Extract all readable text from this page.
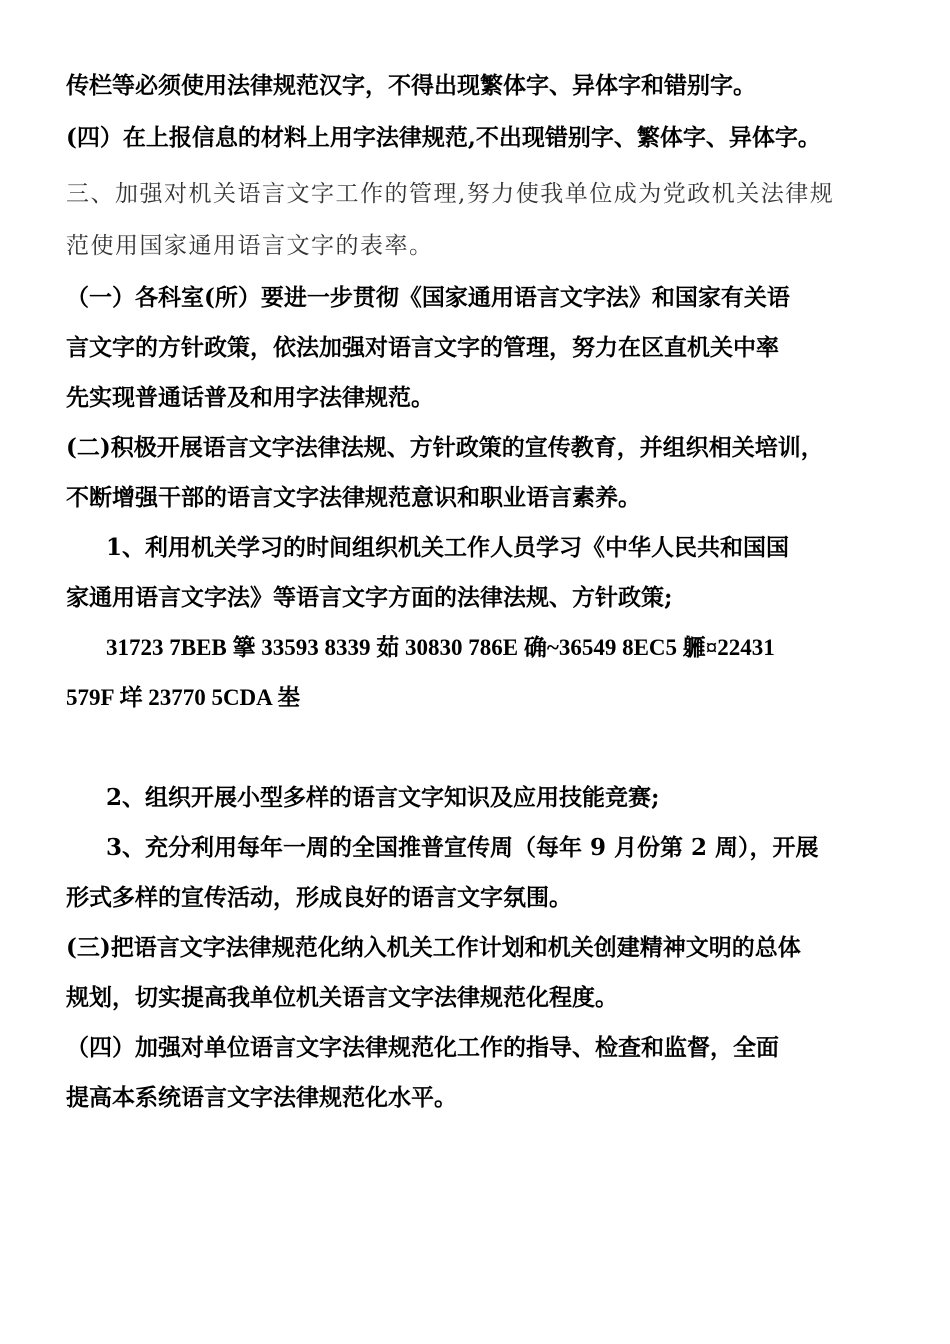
传栏等必须使用法律规范汉字，不得出现繁体字、异体字和错别字。
(四）在上报信息的材料上用字法律规范,不出现错别字、繁体字、异体字。
三、加强对机关语言文字工作的管理,努力使我单位成为党政机关法律规
范使用国家通用语言文字的表率。
（一）各科室(所）要进一步贯彻《国家通用语言文字法》和国家有关语
言文字的方针政策，依法加强对语言文字的管理，努力在区直机关中率
先实现普通话普及和用字法律规范。
(二)积极开展语言文字法律法规、方针政策的宣传教育，并组织相关培训，
不断增强干部的语言文字法律规范意识和职业语言素养。
1、利用机关学习的时间组织机关工作人员学习《中华人民共和国国
家通用语言文字法》等语言文字方面的法律法规、方针政策;
31723 7BEB 篫 33593 8339 茹 30830 786E 确~36549 8EC5 軅¤22431
579F 垟 23770 5CDA 峚
2、组织开展小型多样的语言文字知识及应用技能竞赛;
3、充分利用每年一周的全国推普宣传周（每年 9 月份第 2 周），开展
形式多样的宣传活动，形成良好的语言文字氛围。
(三)把语言文字法律规范化纳入机关工作计划和机关创建精神文明的总体
规划，切实提高我单位机关语言文字法律规范化程度。
（四）加强对单位语言文字法律规范化工作的指导、检查和监督，全面
提高本系统语言文字法律规范化水平。
